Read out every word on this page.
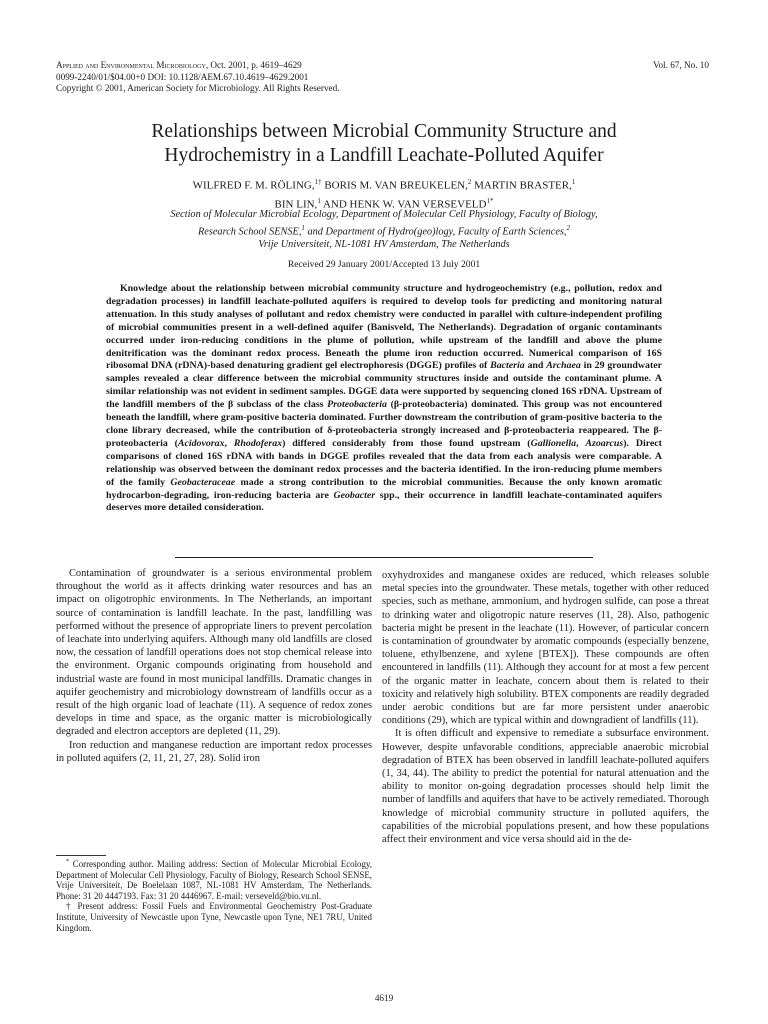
Applied and Environmental Microbiology, Oct. 2001, p. 4619–4629
0099-2240/01/$04.00+0 DOI: 10.1128/AEM.67.10.4619–4629.2001
Copyright © 2001, American Society for Microbiology. All Rights Reserved.
Vol. 67, No. 10
Relationships between Microbial Community Structure and
Hydrochemistry in a Landfill Leachate-Polluted Aquifer
WILFRED F. M. RÖLING,$^{1\dagger}$ BORIS M. VAN BREUKELEN,$^2$ MARTIN BRASTER,$^1$
BIN LIN,$^1$ AND HENK W. VAN $VERSEVELD^{1*}$
Section of Molecular Microbial Ecology, Department of Molecular Cell Physiology, Faculty of Biology,
Research School SENSE,$^1$ and Department of Hydro(geo)logy, Faculty of Earth Sciences,$^2$
Vrije Universiteit, NL-1081 HV Amsterdam, The Netherlands
Received 29 January 2001/Accepted 13 July 2001
Knowledge about the relationship between microbial community structure and hydrogeochemistry (e.g., pollution, redox and degradation processes) in landfill leachate-polluted aquifers is required to develop tools for predicting and monitoring natural attenuation. In this study analyses of pollutant and redox chemistry were conducted in parallel with culture-independent profiling of microbial communities present in a well-defined aquifer (Banisveld, The Netherlands). Degradation of organic contaminants occurred under iron-reducing conditions in the plume of pollution, while upstream of the landfill and above the plume denitrification was the dominant redox process. Beneath the plume iron reduction occurred. Numerical comparison of 16S ribosomal DNA (rDNA)-based denaturing gradient gel electrophoresis (DGGE) profiles of Bacteria and Archaea in 29 groundwater samples revealed a clear difference between the microbial community structures inside and outside the contaminant plume. A similar relationship was not evident in sediment samples. DGGE data were supported by sequencing cloned 16S rDNA. Upstream of the landfill members of the β subclass of the class Proteobacteria (β-proteobacteria) dominated. This group was not encountered beneath the landfill, where gram-positive bacteria dominated. Further downstream the contribution of gram-positive bacteria to the clone library decreased, while the contribution of δ-proteobacteria strongly increased and β-proteobacteria reappeared. The β-proteobacteria (Acidovorax, Rhodoferax) differed considerably from those found upstream (Gallionella, Azoarcus). Direct comparisons of cloned 16S rDNA with bands in DGGE profiles revealed that the data from each analysis were comparable. A relationship was observed between the dominant redox processes and the bacteria identified. In the iron-reducing plume members of the family Geobacteraceae made a strong contribution to the microbial communities. Because the only known aromatic hydrocarbon-degrading, iron-reducing bacteria are Geobacter spp., their occurrence in landfill leachate-contaminated aquifers deserves more detailed consideration.

Contamination of groundwater is a serious environmental problem throughout the world as it affects drinking water resources and has an impact on oligotrophic environments. In The Netherlands, an important source of contamination is landfill leachate. In the past, landfilling was performed without the presence of appropriate liners to prevent percolation of leachate into underlying aquifers. Although many old landfills are closed now, the cessation of landfill operations does not stop chemical release into the environment. Organic compounds originating from household and industrial waste are found in most municipal landfills. Dramatic changes in aquifer geochemistry and microbiology downstream of landfills occur as a result of the high organic load of leachate (11). A sequence of redox zones develops in time and space, as the organic matter is microbiologically degraded and electron acceptors are depleted (11, 29).

Iron reduction and manganese reduction are important redox processes in polluted aquifers (2, 11, 21, 27, 28). Solid iron

* Corresponding author. Mailing address: Section of Molecular Microbial Ecology, Department of Molecular Cell Physiology, Faculty of Biology, Research School SENSE, Vrije Universiteit, De Boelelaan 1087, NL-1081 HV Amsterdam, The Netherlands. Phone: 31 20 4447193. Fax: 31 20 4446967. E-mail: verseveld@bio.vu.nl.

† Present address: Fossil Fuels and Environmental Geochemistry Post-Graduate Institute, University of Newcastle upon Tyne, Newcastle upon Tyne, NE1 7RU, United Kingdom.

oxyhydroxides and manganese oxides are reduced, which releases soluble metal species into the groundwater. These metals, together with other reduced species, such as methane, ammonium, and hydrogen sulfide, can pose a threat to drinking water and oligotropic nature reserves (11, 28). Also, pathogenic bacteria might be present in the leachate (11). However, of particular concern is contamination of groundwater by aromatic compounds (especially benzene, toluene, ethylbenzene, and xylene [BTEX]). These compounds are often encountered in landfills (11). Although they account for at most a few percent of the organic matter in leachate, concern about them is related to their toxicity and relatively high solubility. BTEX components are readily degraded under aerobic conditions but are far more persistent under anaerobic conditions (29), which are typical within and downgradient of landfills (11).

It is often difficult and expensive to remediate a subsurface environment. However, despite unfavorable conditions, appreciable anaerobic microbial degradation of BTEX has been observed in landfill leachate-polluted aquifers (1, 34, 44). The ability to predict the potential for natural attenuation and the ability to monitor on-going degradation processes should help limit the number of landfills and aquifers that have to be actively remediated. Thorough knowledge of microbial community structure in polluted aquifers, the capabilities of the microbial populations present, and how these populations affect their environment and vice versa should aid in the de-

4619
